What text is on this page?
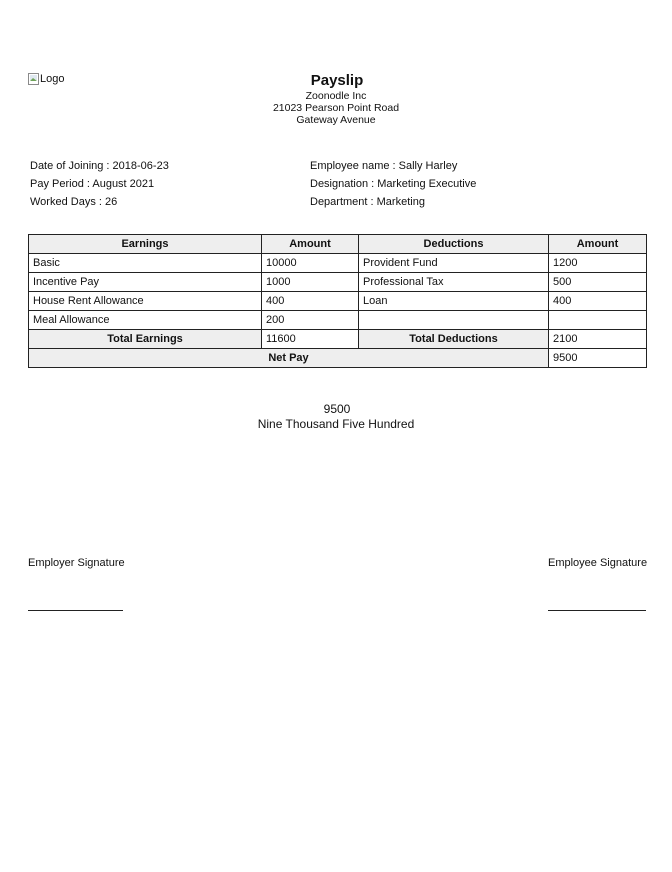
Logo	Payslip
Zoonodle Inc
21023 Pearson Point Road
Gateway Avenue
Date of Joining : 2018-06-23
Pay Period : August 2021
Worked Days : 26
Employee name : Sally Harley
Designation : Marketing Executive
Department : Marketing
Earnings	Amount	Deductions	Amount
Basic	10000	Provident Fund	1200
Incentive Pay	1000	Professional Tax	500
House Rent Allowance	400	Loan	400
Meal Allowance	200		
Total Earnings	11600	Total Deductions	2100
Net Pay			9500
9500
Nine Thousand Five Hundred
Employer Signature	Employee Signature
